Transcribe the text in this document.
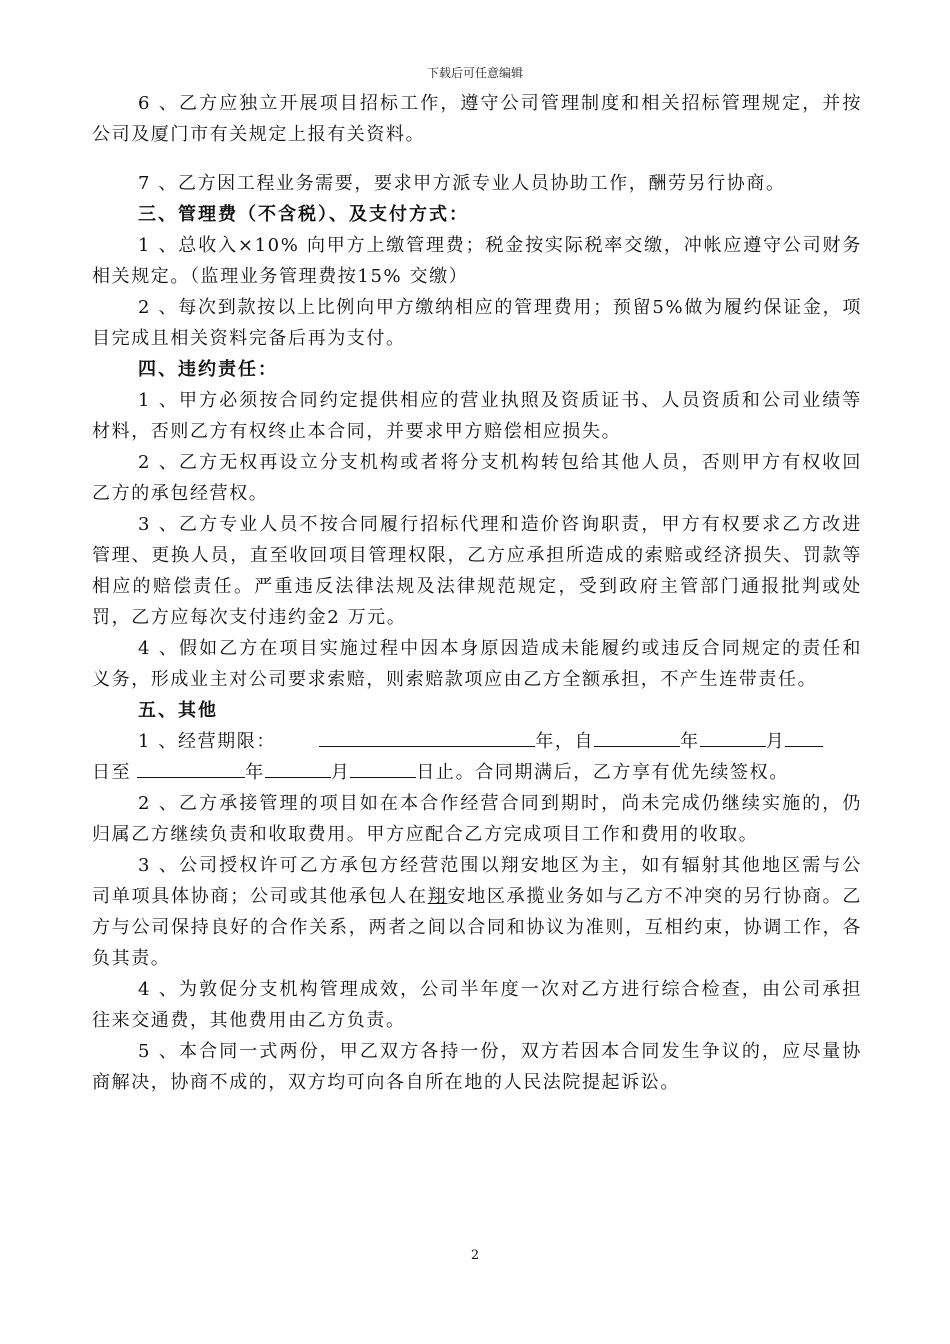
下载后可任意编辑

6 、乙方应独立开展项目招标工作，遵守公司管理制度和相关招标管理规定，并按公司及厦门市有关规定上报有关资料。

7 、乙方因工程业务需要，要求甲方派专业人员协助工作，酬劳另行协商。

三、管理费（不含税）、及支付方式：

1 、总收入×10% 向甲方上缴管理费；税金按实际税率交缴，冲帐应遵守公司财务相关规定。（监理业务管理费按15% 交缴）

2 、每次到款按以上比例向甲方缴纳相应的管理费用；预留5%做为履约保证金，项目完成且相关资料完备后再为支付。

四、违约责任：

1 、甲方必须按合同约定提供相应的营业执照及资质证书、人员资质和公司业绩等材料，否则乙方有权终止本合同，并要求甲方赔偿相应损失。

2 、乙方无权再设立分支机构或者将分支机构转包给其他人员，否则甲方有权收回乙方的承包经营权。

3 、乙方专业人员不按合同履行招标代理和造价咨询职责，甲方有权要求乙方改进管理、更换人员，直至收回项目管理权限，乙方应承担所造成的索赔或经济损失、罚款等相应的赔偿责任。严重违反法律法规及法律规范规定，受到政府主管部门通报批判或处罚，乙方应每次支付违约金2 万元。

4 、假如乙方在项目实施过程中因本身原因造成未能履约或违反合同规定的责任和义务，形成业主对公司要求索赔，则索赔款项应由乙方全额承担，不产生连带责任。

五、其他

1 、经营期限：	年，自	年	月

日至	年	月	日止。合同期满后，乙方享有优先续签权。

2 、乙方承接管理的项目如在本合作经营合同到期时，尚未完成仍继续实施的，仍归属乙方继续负责和收取费用。甲方应配合乙方完成项目工作和费用的收取。

3 、公司授权许可乙方承包方经营范围以翔安地区为主，如有辐射其他地区需与公司单项具体协商；公司或其他承包人在翔安地区承揽业务如与乙方不冲突的另行协商。乙方与公司保持良好的合作关系，两者之间以合同和协议为准则，互相约束，协调工作，各负其责。

4 、为敦促分支机构管理成效，公司半年度一次对乙方进行综合检查，由公司承担往来交通费，其他费用由乙方负责。

5 、本合同一式两份，甲乙双方各持一份，双方若因本合同发生争议的，应尽量协商解决，协商不成的，双方均可向各自所在地的人民法院提起诉讼。

2
